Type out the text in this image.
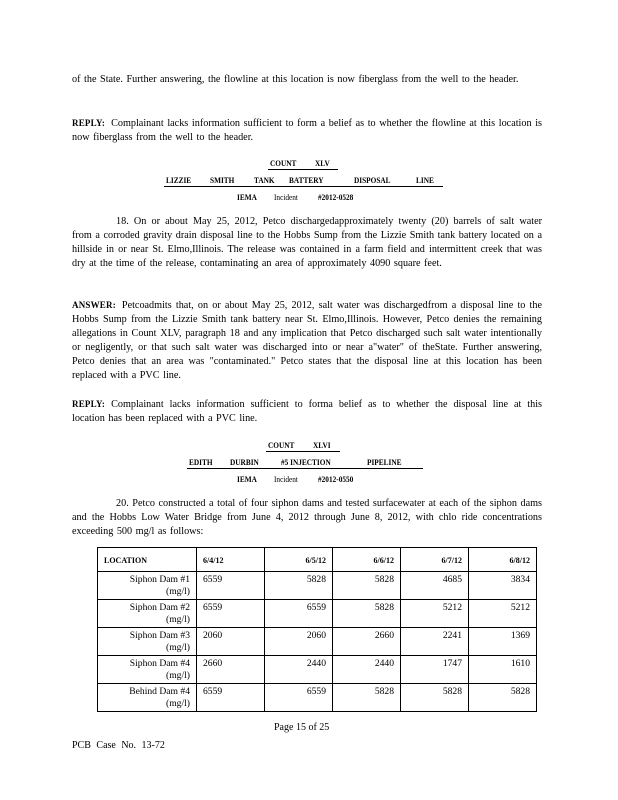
of the State. Further answering, the flowline at this location is now fiberglass from the well to the header.
REPLY: Complainant lacks information sufficient to form a belief as to whether the flowline at this location is now fiberglass from the well to the header.
COUNT XLV
LIZZIE SMITH TANK BATTERY	DISPOSAL	LINE
IEMA Incident #2012-0528
18. On or about May 25, 2012, Petco dischargedapproximately twenty (20) barrels of salt water from a corroded gravity drain disposal line to the Hobbs Sump from the Lizzie Smith tank battery located on a hillside in or near St. Elmo,Illinois. The release was contained in a farm field and intermittent creek that was dry at the time of the release, contaminating an area of approximately 4090 square feet.
ANSWER: Petcoadmits that, on or about May 25, 2012, salt water was dischargedfrom a disposal line to the Hobbs Sump from the Lizzie Smith tank battery near St. Elmo,Illinois. However, Petco denies the remaining allegations in Count XLV, paragraph 18 and any implication that Petco discharged such salt water intentionally or negligently, or that such salt water was discharged into or near a"water" of theState. Further answering, Petco denies that an area was "contaminated." Petco states that the disposal line at this location has been replaced with a PVC line.
REPLY: Complainant lacks information sufficient to forma belief as to whether the disposal line at this location has been replaced with a PVC line.
COUNT XLVI
EDITH DURBIN	#5 INJECTION	PIPELINE
IEMA Incident #2012-0550
20. Petco constructed a total of four siphon dams and tested surfacewater at each of the siphon dams and the Hobbs Low Water Bridge from June 4, 2012 through June 8, 2012, with chlo ride concentrations exceeding 500 mg/l as follows:
LOCATION	6/4/12	6/5/12	6/6/12	6/7/12	6/8/12
Siphon Dam #1 (mg/l)	6559	5828	5828	4685	3834
Siphon Dam #2 (mg/l)	6559	6559	5828	5212	5212
Siphon Dam #3 (mg/l)	2060	2060	2660	2241	1369
Siphon Dam #4 (mg/l)	2660	2440	2440	1747	1610
Behind Dam #4 (mg/l)	6559	6559	5828	5828	5828
Page 15 of 25
PCB Case No. 13-72
